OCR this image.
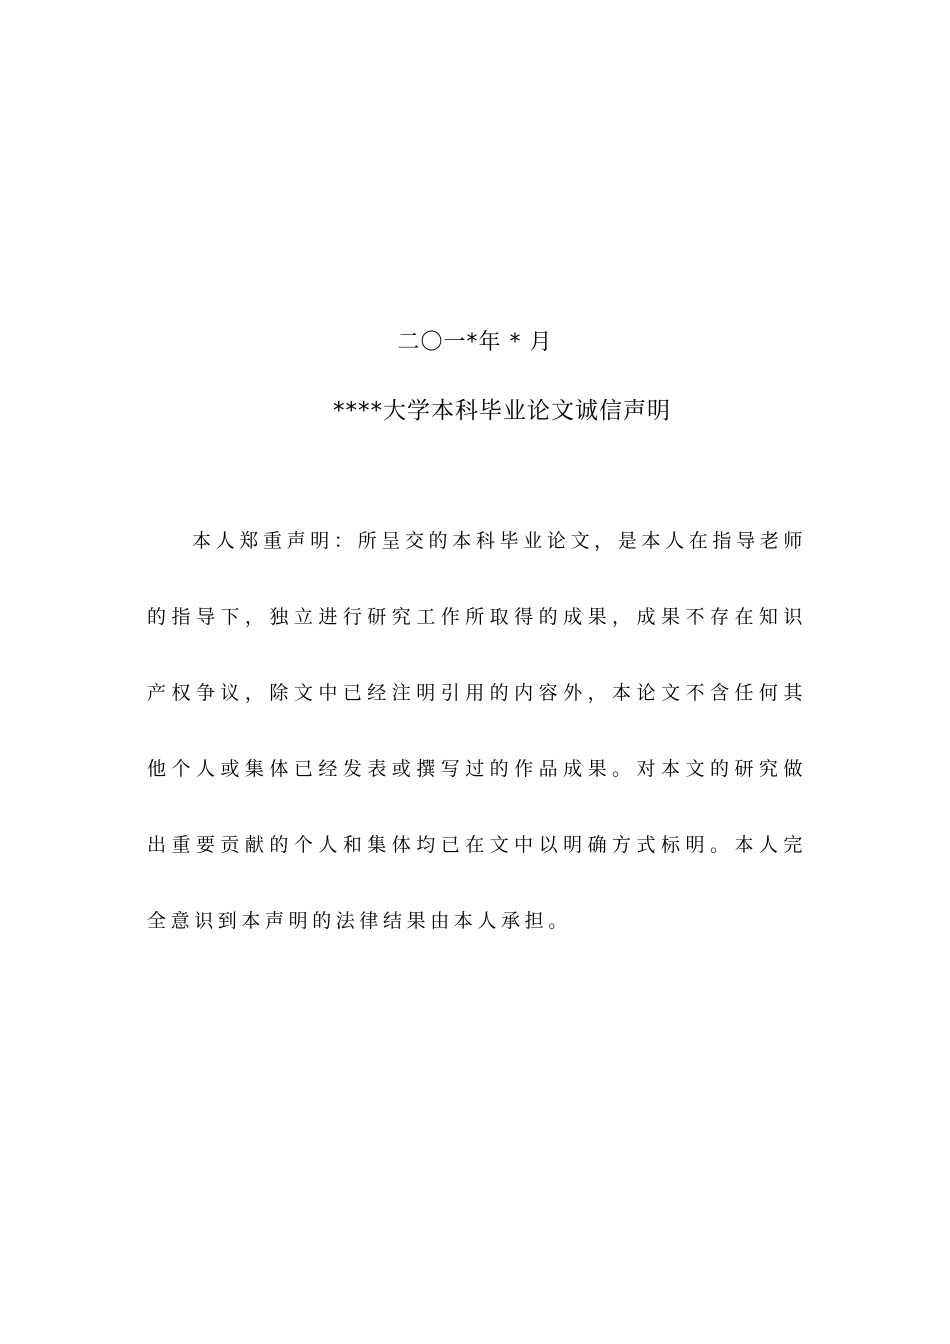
二〇一*年 * 月
****大学本科毕业论文诚信声明

本人郑重声明：所呈交的本科毕业论文，是本人在指导老师的指导下，独立进行研究工作所取得的成果，成果不存在知识产权争议，除文中已经注明引用的内容外，本论文不含任何其他个人或集体已经发表或撰写过的作品成果。对本文的研究做出重要贡献的个人和集体均已在文中以明确方式标明。本人完全意识到本声明的法律结果由本人承担。
